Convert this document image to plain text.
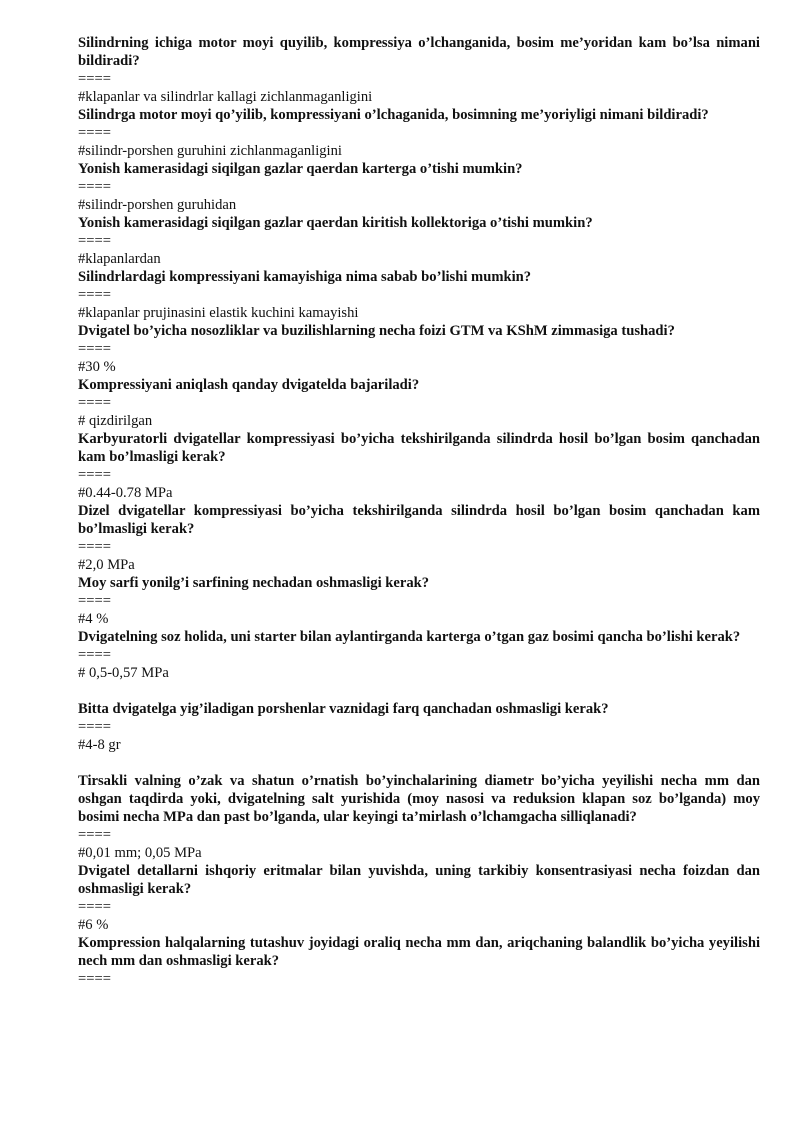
Silindrning ichiga motor moyi quyilib, kompressiya o’lchanganida, bosim me’yoridan kam bo’lsa nimani bildiradi?

====

#klapanlar va silindrlar kallagi zichlanmaganligini

Silindrga motor moyi qo’yilib, kompressiyani o’lchaganida, bosimning me’yoriyligi nimani bildiradi?

====

#silindr-porshen guruhini zichlanmaganligini

Yonish kamerasidagi siqilgan gazlar qaerdan karterga o’tishi mumkin?

====

#silindr-porshen guruhidan

Yonish kamerasidagi siqilgan gazlar qaerdan kiritish kollektoriga o’tishi mumkin?

====

#klapanlardan

Silindrlardagi kompressiyani kamayishiga nima sabab bo’lishi mumkin?

====

#klapanlar prujinasini elastik kuchini kamayishi

Dvigatel bo’yicha nosozliklar va buzilishlarning necha foizi GTM va KShM zimmasiga tushadi?

====

#30 %

Kompressiyani aniqlash qanday dvigatelda bajariladi?

====

# qizdirilgan

Karbyuratorli dvigatellar kompressiyasi bo’yicha tekshirilganda silindrda hosil bo’lgan bosim qanchadan kam bo’lmasligi kerak?

====

#0.44-0.78 MPa

Dizel dvigatellar kompressiyasi bo’yicha tekshirilganda silindrda hosil bo’lgan bosim qanchadan kam bo’lmasligi kerak?

====

#2,0 MPa

Moy sarfi yonilg’i sarfining nechadan oshmasligi kerak?

====

#4 %

Dvigatelning soz holida, uni starter bilan aylantirganda karterga o’tgan gaz bosimi qancha bo’lishi kerak?

====

# 0,5-0,57 MPa

Bitta dvigatelga yig’iladigan porshenlar vaznidagi farq qanchadan oshmasligi kerak?

====

#4-8 gr

Tirsakli valning o’zak va shatun o’rnatish bo’yinchalarining diametr bo’yicha yeyilishi necha mm dan oshgan taqdirda yoki, dvigatelning salt yurishida (moy nasosi va reduksion klapan soz bo’lganda) moy bosimi necha MPa dan past bo’lganda, ular keyingi ta’mirlash o’lchamgacha silliqlanadi?

====

#0,01 mm; 0,05 MPa

Dvigatel detallarni ishqoriy eritmalar bilan yuvishda, uning tarkibiy konsentrasiyasi necha foizdan dan oshmasligi kerak?

====

#6 %

Kompression halqalarning tutashuv joyidagi oraliq necha mm dan, ariqchaning balandlik bo’yicha yeyilishi nech mm dan oshmasligi kerak?

====
